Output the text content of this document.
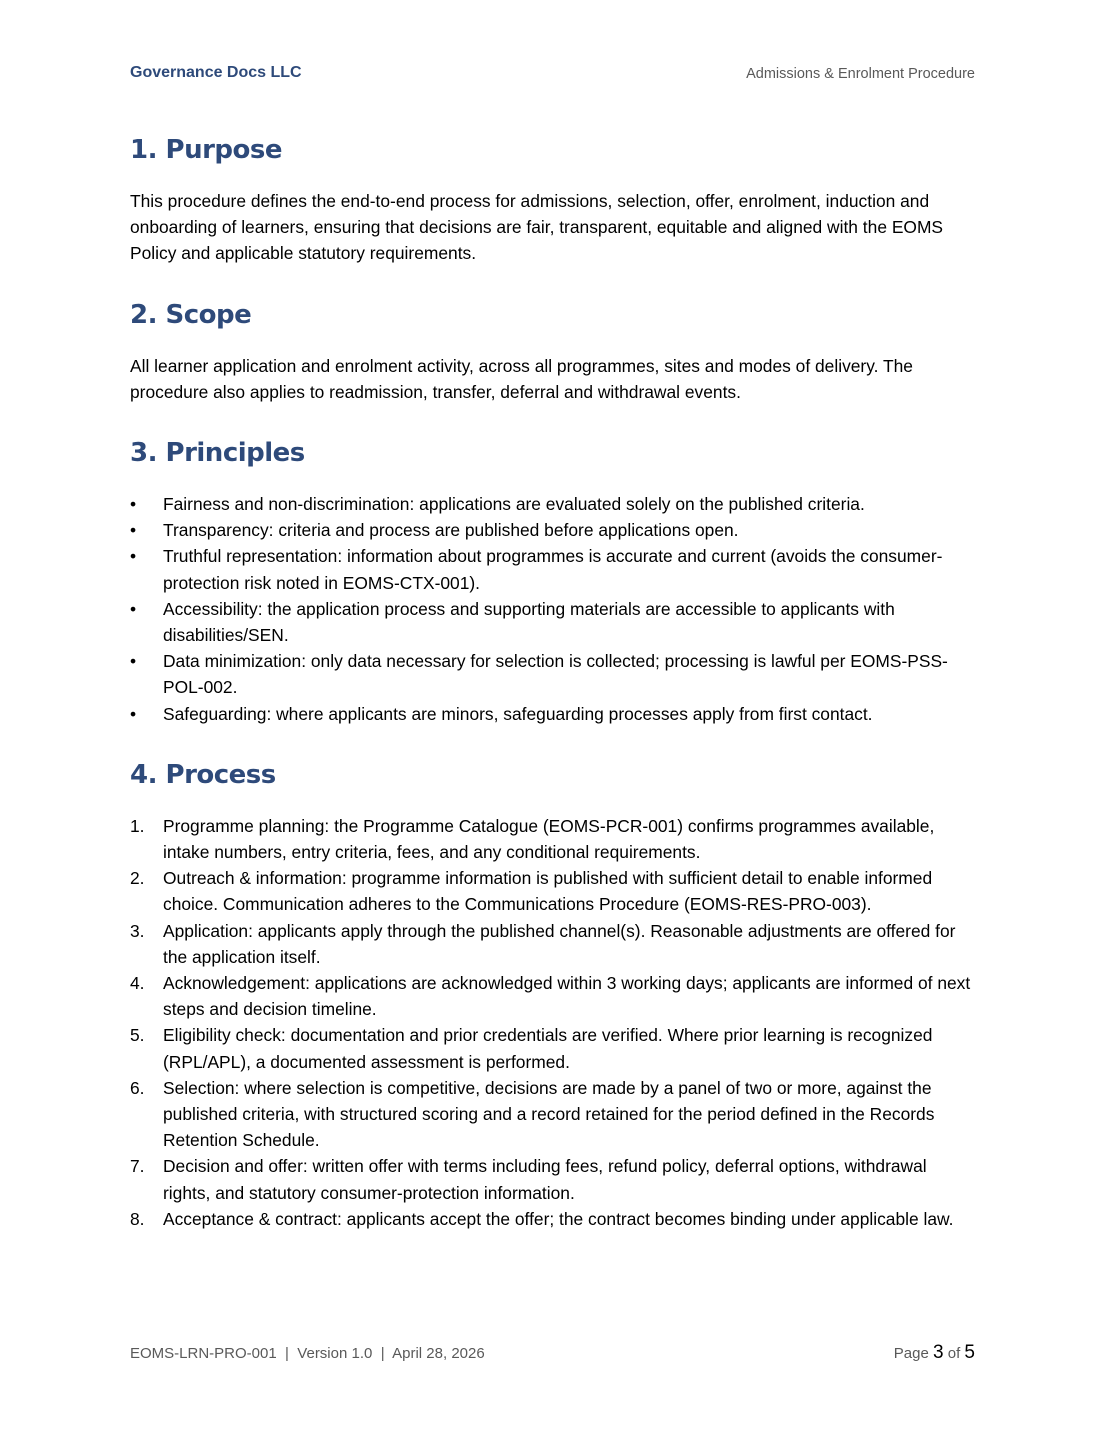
Governance Docs LLC	Admissions & Enrolment Procedure
1. Purpose

This procedure defines the end-to-end process for admissions, selection, offer, enrolment, induction and onboarding of learners, ensuring that decisions are fair, transparent, equitable and aligned with the EOMS Policy and applicable statutory requirements.

2. Scope

All learner application and enrolment activity, across all programmes, sites and modes of delivery. The procedure also applies to readmission, transfer, deferral and withdrawal events.

3. Principles
•	Fairness and non-discrimination: applications are evaluated solely on the published criteria.
•	Transparency: criteria and process are published before applications open.
•	Truthful representation: information about programmes is accurate and current (avoids the consumer-protection risk noted in EOMS-CTX-001).
•	Accessibility: the application process and supporting materials are accessible to applicants with disabilities/SEN.
•	Data minimization: only data necessary for selection is collected; processing is lawful per EOMS-PSS-POL-002.
•	Safeguarding: where applicants are minors, safeguarding processes apply from first contact.
4. Process
1.	Programme planning: the Programme Catalogue (EOMS-PCR-001) confirms programmes available, intake numbers, entry criteria, fees, and any conditional requirements.
2.	Outreach & information: programme information is published with sufficient detail to enable informed choice. Communication adheres to the Communications Procedure (EOMS-RES-PRO-003).
3.	Application: applicants apply through the published channel(s). Reasonable adjustments are offered for the application itself.
4.	Acknowledgement: applications are acknowledged within 3 working days; applicants are informed of next steps and decision timeline.
5.	Eligibility check: documentation and prior credentials are verified. Where prior learning is recognized (RPL/APL), a documented assessment is performed.
6.	Selection: where selection is competitive, decisions are made by a panel of two or more, against the published criteria, with structured scoring and a record retained for the period defined in the Records Retention Schedule.
7.	Decision and offer: written offer with terms including fees, refund policy, deferral options, withdrawal rights, and statutory consumer-protection information.
8.	Acceptance & contract: applicants accept the offer; the contract becomes binding under applicable law.
EOMS-LRN-PRO-001 | Version 1.0 | April 28, 2026	Page 3 of 5
